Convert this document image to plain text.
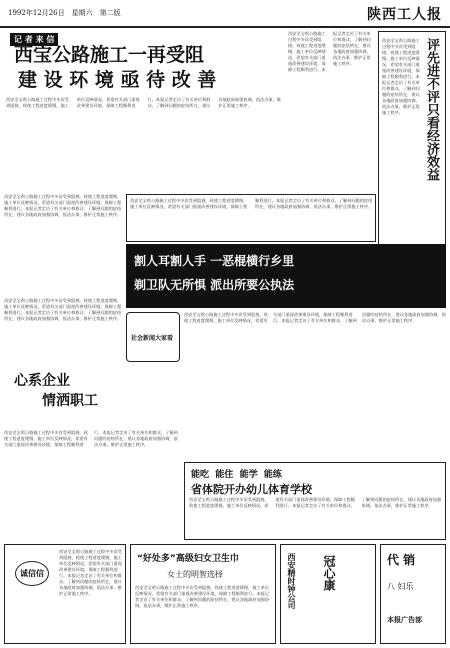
1992年12月26日　星期六　第二版	陕西工人报
记 者 来 信
西宝公路施工一再受阻
建 设 环 境 亟 待 改 善
西安至宝鸡公路施工过程中多次受到阻挠，致使工程进度缓慢，施工单位反映情况，希望有关部门重视改善建设环境，保障工程顺利进行。本报记者走访了有关单位和群众，了解到问题的症结所在，建议各地政府加强协调，依法办事，维护正常施工秩序。
西安至宝鸡公路施工过程中多次受到阻挠，致使工程进度缓慢，施工单位反映情况，希望有关部门重视改善建设环境，保障工程顺利进行。本报记者走访了有关单位和群众，了解到问题的症结所在，建议各地政府加强协调，依法办事，维护正常施工秩序。	评先进不评只看经济效益
西安至宝鸡公路施工过程中多次受到阻挠，致使工程进度缓慢，施工单位反映情况，希望有关部门重视改善建设环境，保障工程顺利进行。本报记者走访了有关单位和群众，了解到问题的症结所在，建议各地政府加强协调，依法办事，维护正常施工秩序。
西安至宝鸡公路施工过程中多次受到阻挠，致使工程进度缓慢，施工单位反映情况，希望有关部门重视改善建设环境，保障工程顺利进行。本报记者走访了有关单位和群众，了解到问题的症结所在，建议各地政府加强协调，依法办事，维护正常施工秩序。
割人耳割人手 一恶棍横行乡里
剃卫队无所惧 派出所要公执法
西安至宝鸡公路施工过程中多次受到阻挠，致使工程进度缓慢，施工单位反映情况，希望有关部门重视改善建设环境，保障工程顺利进行。本报记者走访了有关单位和群众，了解到问题的症结所在，建议各地政府加强协调，依法办事，维护正常施工秩序。
社会新闻大家看
西安至宝鸡公路施工过程中多次受到阻挠，致使工程进度缓慢，施工单位反映情况，希望有关部门重视改善建设环境，保障工程顺利进行。本报记者走访了有关单位和群众，了解到问题的症结所在，建议各地政府加强协调，依法办事，维护正常施工秩序。
西安至宝鸡公路施工过程中多次受到阻挠，致使工程进度缓慢，施工单位反映情况，希望有关部门重视改善建设环境，保障工程顺利进行。本报记者走访了有关单位和群众，了解到问题的症结所在，建议各地政府加强协调，依法办事，维护正常施工秩序。
心系企业
情洒职工
能吃 能住 能学 能练
省体院开办幼儿体育学校
西安至宝鸡公路施工过程中多次受到阻挠，致使工程进度缓慢，施工单位反映情况，希望有关部门重视改善建设环境，保障工程顺利进行。本报记者走访了有关单位和群众，了解到问题的症结所在，建议各地政府加强协调，依法办事，维护正常施工秩序。
西安至宝鸡公路施工过程中多次受到阻挠，致使工程进度缓慢，施工单位反映情况，希望有关部门重视改善建设环境，保障工程顺利进行。本报记者走访了有关单位和群众，了解到问题的症结所在，建议各地政府加强协调，依法办事，维护正常施工秩序。
诚信信
西安至宝鸡公路施工过程中多次受到阻挠，致使工程进度缓慢，施工单位反映情况，希望有关部门重视改善建设环境，保障工程顺利进行。本报记者走访了有关单位和群众，了解到问题的症结所在，建议各地政府加强协调，依法办事，维护正常施工秩序。
“好处多”高级妇女卫生巾
女士的明智选择
西安至宝鸡公路施工过程中多次受到阻挠，致使工程进度缓慢，施工单位反映情况，希望有关部门重视改善建设环境，保障工程顺利进行。本报记者走访了有关单位和群众，了解到问题的症结所在，建议各地政府加强协调，依法办事，维护正常施工秩序。	西安精时钟公司 冠心康	代 销
八 妇乐
本报广告部
